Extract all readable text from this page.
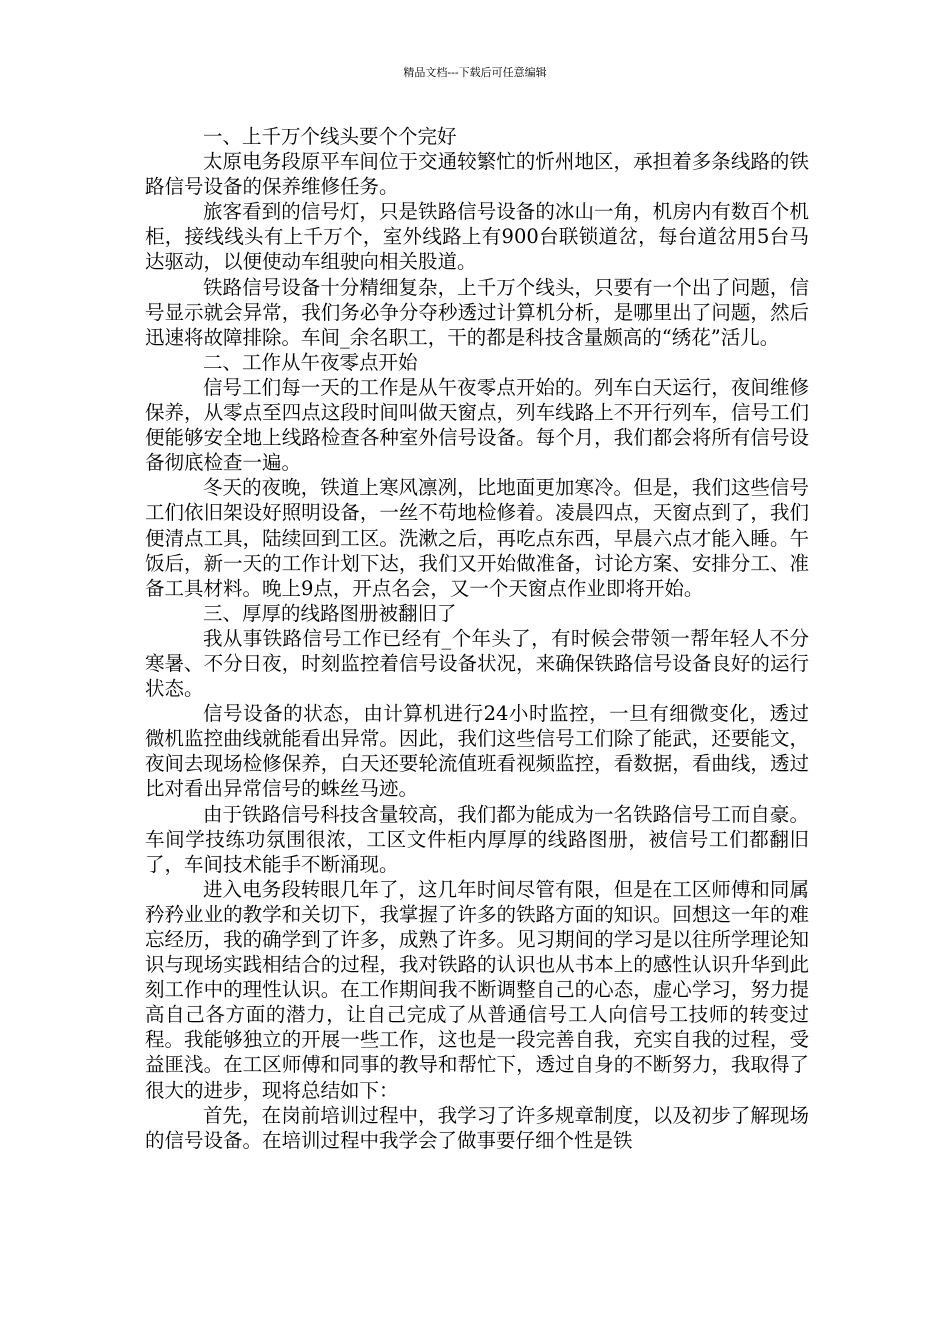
精品文档---下载后可任意编辑

一、上千万个线头要个个完好

太原电务段原平车间位于交通较繁忙的忻州地区，承担着多条线路的铁路信号设备的保养维修任务。

旅客看到的信号灯，只是铁路信号设备的冰山一角，机房内有数百个机柜，接线线头有上千万个，室外线路上有900台联锁道岔，每台道岔用5台马达驱动，以便使动车组驶向相关股道。

铁路信号设备十分精细复杂，上千万个线头，只要有一个出了问题，信号显示就会异常，我们务必争分夺秒透过计算机分析，是哪里出了问题，然后迅速将故障排除。车间_余名职工，干的都是科技含量颇高的“绣花”活儿。

二、工作从午夜零点开始

信号工们每一天的工作是从午夜零点开始的。列车白天运行，夜间维修保养，从零点至四点这段时间叫做天窗点，列车线路上不开行列车，信号工们便能够安全地上线路检查各种室外信号设备。每个月，我们都会将所有信号设备彻底检查一遍。

冬天的夜晚，铁道上寒风凛冽，比地面更加寒冷。但是，我们这些信号工们依旧架设好照明设备，一丝不苟地检修着。凌晨四点，天窗点到了，我们便清点工具，陆续回到工区。洗漱之后，再吃点东西，早晨六点才能入睡。午饭后，新一天的工作计划下达，我们又开始做准备，讨论方案、安排分工、准备工具材料。晚上9点，开点名会，又一个天窗点作业即将开始。

三、厚厚的线路图册被翻旧了

我从事铁路信号工作已经有_个年头了，有时候会带领一帮年轻人不分寒暑、不分日夜，时刻监控着信号设备状况，来确保铁路信号设备良好的运行状态。

信号设备的状态，由计算机进行24小时监控，一旦有细微变化，透过微机监控曲线就能看出异常。因此，我们这些信号工们除了能武，还要能文，夜间去现场检修保养，白天还要轮流值班看视频监控，看数据，看曲线，透过比对看出异常信号的蛛丝马迹。

由于铁路信号科技含量较高，我们都为能成为一名铁路信号工而自豪。车间学技练功氛围很浓，工区文件柜内厚厚的线路图册，被信号工们都翻旧了，车间技术能手不断涌现。

进入电务段转眼几年了，这几年时间尽管有限，但是在工区师傅和同属矜矜业业的教学和关切下，我掌握了许多的铁路方面的知识。回想这一年的难忘经历，我的确学到了许多，成熟了许多。见习期间的学习是以往所学理论知识与现场实践相结合的过程，我对铁路的认识也从书本上的感性认识升华到此刻工作中的理性认识。在工作期间我不断调整自己的心态，虚心学习，努力提高自己各方面的潜力，让自己完成了从普通信号工人向信号工技师的转变过程。我能够独立的开展一些工作，这也是一段完善自我，充实自我的过程，受益匪浅。在工区师傅和同事的教导和帮忙下，透过自身的不断努力，我取得了很大的进步，现将总结如下：

首先，在岗前培训过程中，我学习了许多规章制度，以及初步了解现场的信号设备。在培训过程中我学会了做事要仔细个性是铁
